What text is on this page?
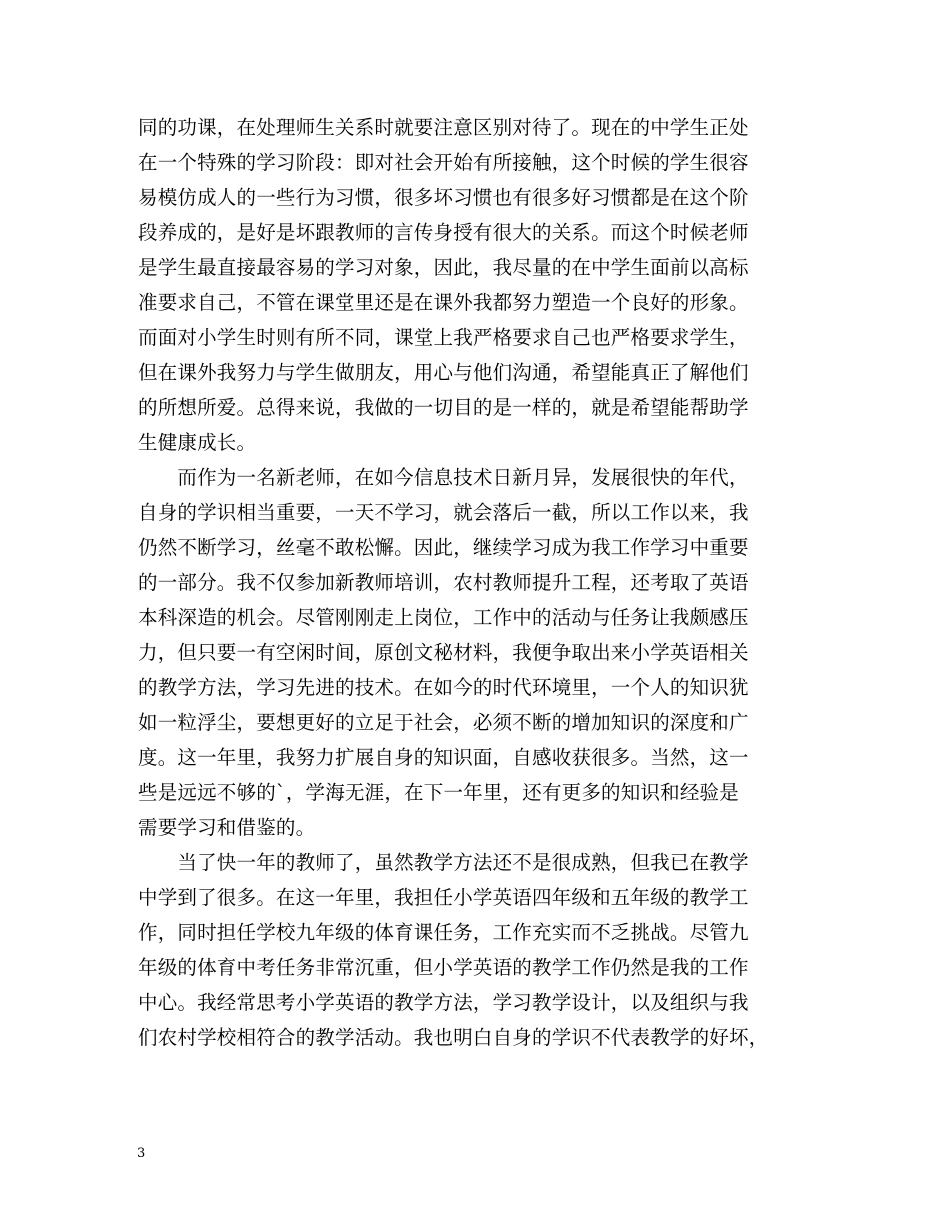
同的功课，在处理师生关系时就要注意区别对待了。现在的中学生正处
在一个特殊的学习阶段：即对社会开始有所接触，这个时候的学生很容
易模仿成人的一些行为习惯，很多坏习惯也有很多好习惯都是在这个阶
段养成的，是好是坏跟教师的言传身授有很大的关系。而这个时候老师
是学生最直接最容易的学习对象，因此，我尽量的在中学生面前以高标
准要求自己，不管在课堂里还是在课外我都努力塑造一个良好的形象。
而面对小学生时则有所不同，课堂上我严格要求自己也严格要求学生，
但在课外我努力与学生做朋友，用心与他们沟通，希望能真正了解他们
的所想所爱。总得来说，我做的一切目的是一样的，就是希望能帮助学
生健康成长。
　　而作为一名新老师，在如今信息技术日新月异，发展很快的年代，
自身的学识相当重要，一天不学习，就会落后一截，所以工作以来，我
仍然不断学习，丝毫不敢松懈。因此，继续学习成为我工作学习中重要
的一部分。我不仅参加新教师培训，农村教师提升工程，还考取了英语
本科深造的机会。尽管刚刚走上岗位，工作中的活动与任务让我颇感压
力，但只要一有空闲时间，原创文秘材料，我便争取出来小学英语相关
的教学方法，学习先进的技术。在如今的时代环境里，一个人的知识犹
如一粒浮尘，要想更好的立足于社会，必须不断的增加知识的深度和广
度。这一年里，我努力扩展自身的知识面，自感收获很多。当然，这一
些是远远不够的`，学海无涯，在下一年里，还有更多的知识和经验是
需要学习和借鉴的。
　　当了快一年的教师了，虽然教学方法还不是很成熟，但我已在教学
中学到了很多。在这一年里，我担任小学英语四年级和五年级的教学工
作，同时担任学校九年级的体育课任务，工作充实而不乏挑战。尽管九
年级的体育中考任务非常沉重，但小学英语的教学工作仍然是我的工作
中心。我经常思考小学英语的教学方法，学习教学设计，以及组织与我
们农村学校相符合的教学活动。我也明白自身的学识不代表教学的好坏，
3
